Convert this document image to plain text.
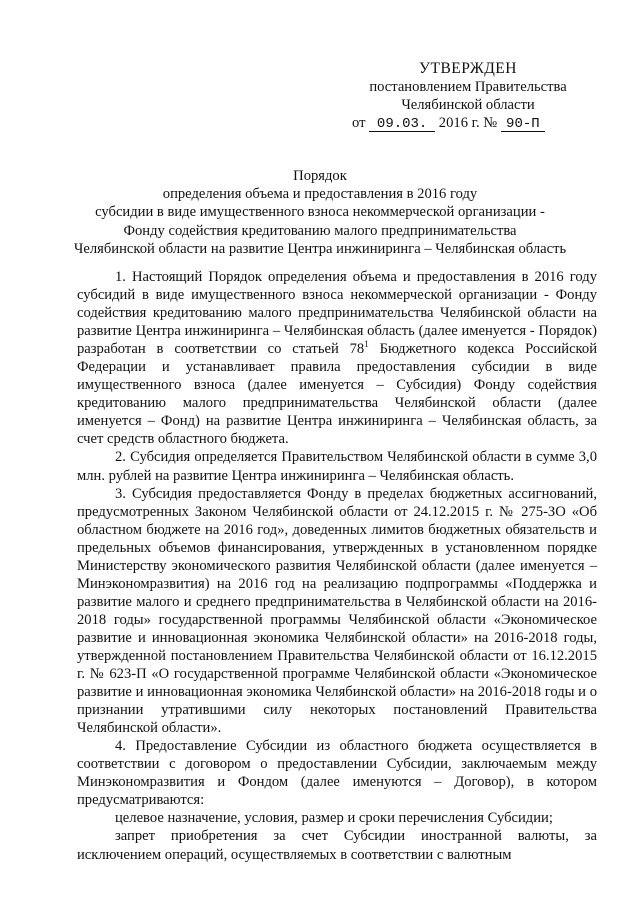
УТВЕРЖДЕН
постановлением Правительства
Челябинской области
от 09.03. 2016 г. № 90-П
Порядок
определения объема и предоставления в 2016 году
субсидии в виде имущественного взноса некоммерческой организации -
Фонду содействия кредитованию малого предпринимательства
Челябинской области на развитие Центра инжиниринга – Челябинская область

1. Настоящий Порядок определения объема и предоставления в 2016 году субсидий в виде имущественного взноса некоммерческой организации - Фонду содействия кредитованию малого предпринимательства Челябинской области на развитие Центра инжиниринга – Челябинская область (далее именуется - Порядок) разработан в соответствии со статьей $78^1$ Бюджетного кодекса Российской Федерации и устанавливает правила предоставления субсидии в виде имущественного взноса (далее именуется – Субсидия) Фонду содействия кредитованию малого предпринимательства Челябинской области (далее именуется – Фонд) на развитие Центра инжиниринга – Челябинская область, за счет средств областного бюджета.

2. Субсидия определяется Правительством Челябинской области в сумме 3,0 млн. рублей на развитие Центра инжиниринга – Челябинская область.

3. Субсидия предоставляется Фонду в пределах бюджетных ассигнований, предусмотренных Законом Челябинской области от 24.12.2015 г. № 275-ЗО «Об областном бюджете на 2016 год», доведенных лимитов бюджетных обязательств и предельных объемов финансирования, утвержденных в установленном порядке Министерству экономического развития Челябинской области (далее именуется – Минэкономразвития) на 2016 год на реализацию подпрограммы «Поддержка и развитие малого и среднего предпринимательства в Челябинской области на 2016-2018 годы» государственной программы Челябинской области «Экономическое развитие и инновационная экономика Челябинской области» на 2016-2018 годы, утвержденной постановлением Правительства Челябинской области от 16.12.2015 г. № 623-П «О государственной программе Челябинской области «Экономическое развитие и инновационная экономика Челябинской области» на 2016-2018 годы и о признании утратившими силу некоторых постановлений Правительства Челябинской области».

4. Предоставление Субсидии из областного бюджета осуществляется в соответствии с договором о предоставлении Субсидии, заключаемым между Минэкономразвития и Фондом (далее именуются – Договор), в котором предусматриваются:

целевое назначение, условия, размер и сроки перечисления Субсидии;

запрет приобретения за счет Субсидии иностранной валюты, за исключением операций, осуществляемых в соответствии с валютным
